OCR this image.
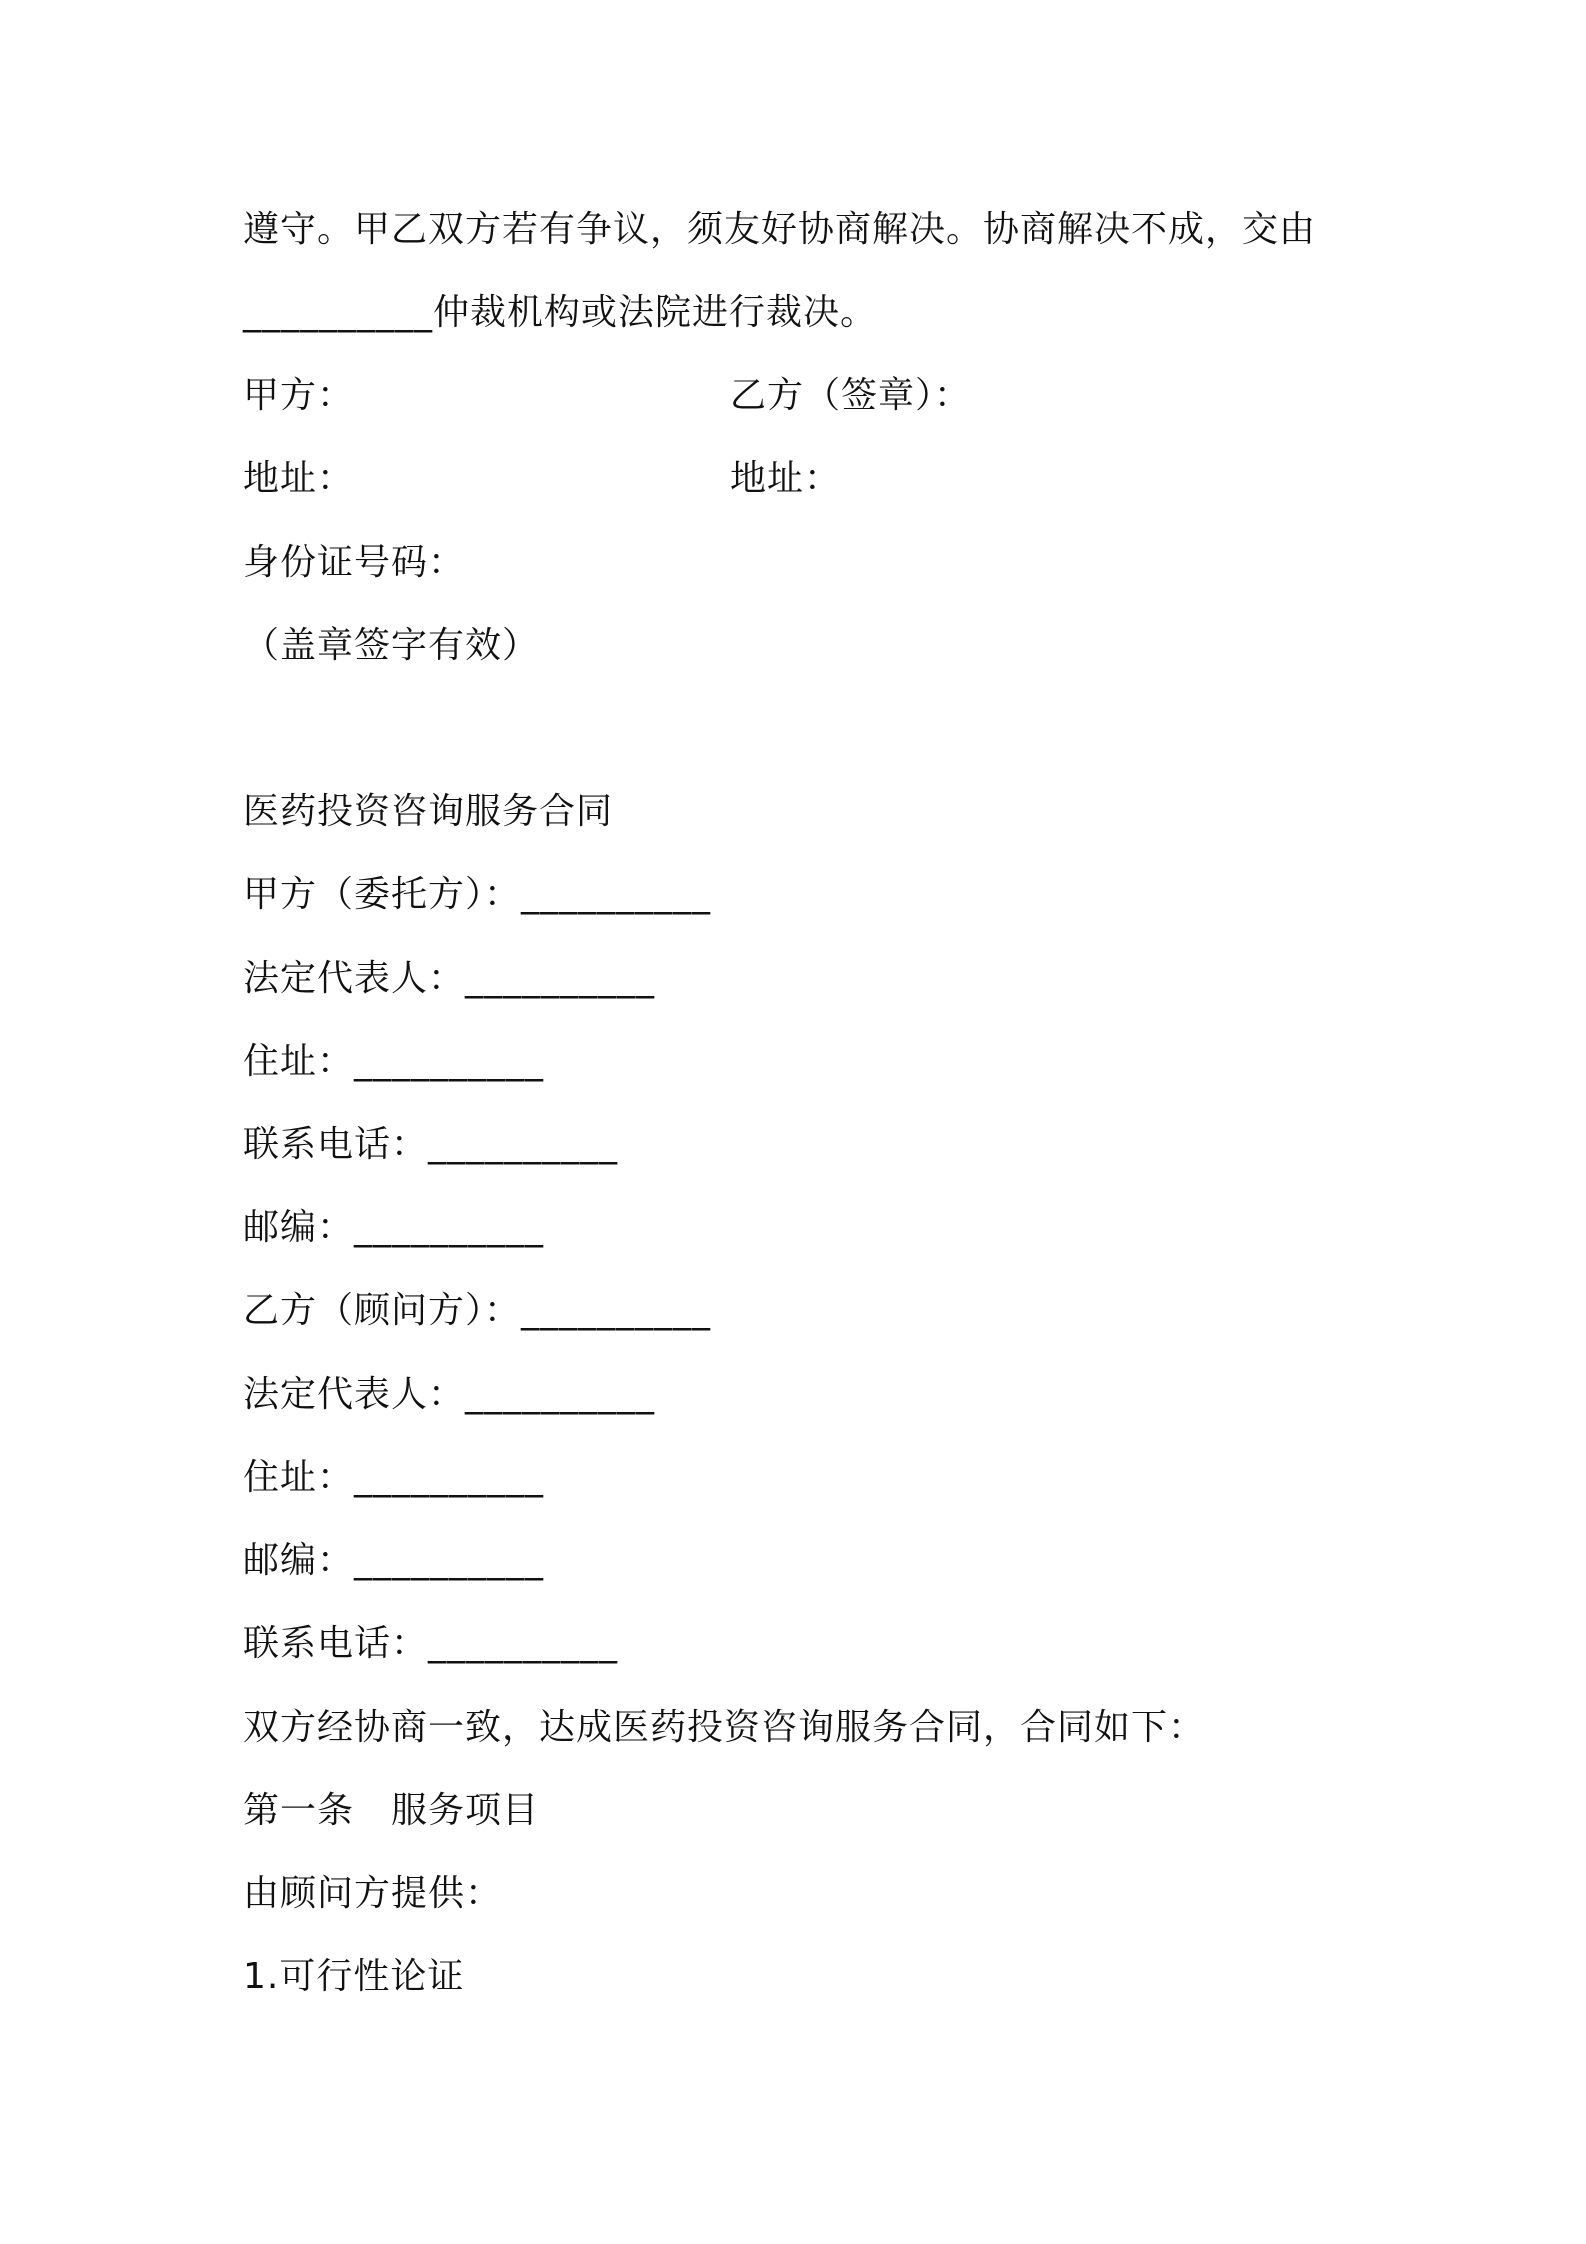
遵守。甲乙双方若有争议，须友好协商解决。协商解决不成，交由
__________仲裁机构或法院进行裁决。
甲方：	乙方（签章）：
地址：	地址：
身份证号码：
（盖章签字有效）
医药投资咨询服务合同
甲方（委托方）：__________
法定代表人：__________
住址：__________
联系电话：__________
邮编：__________
乙方（顾问方）：__________
法定代表人：__________
住址：__________
邮编：__________
联系电话：__________
双方经协商一致，达成医药投资咨询服务合同，合同如下：
第一条　服务项目
由顾问方提供：
1.可行性论证
